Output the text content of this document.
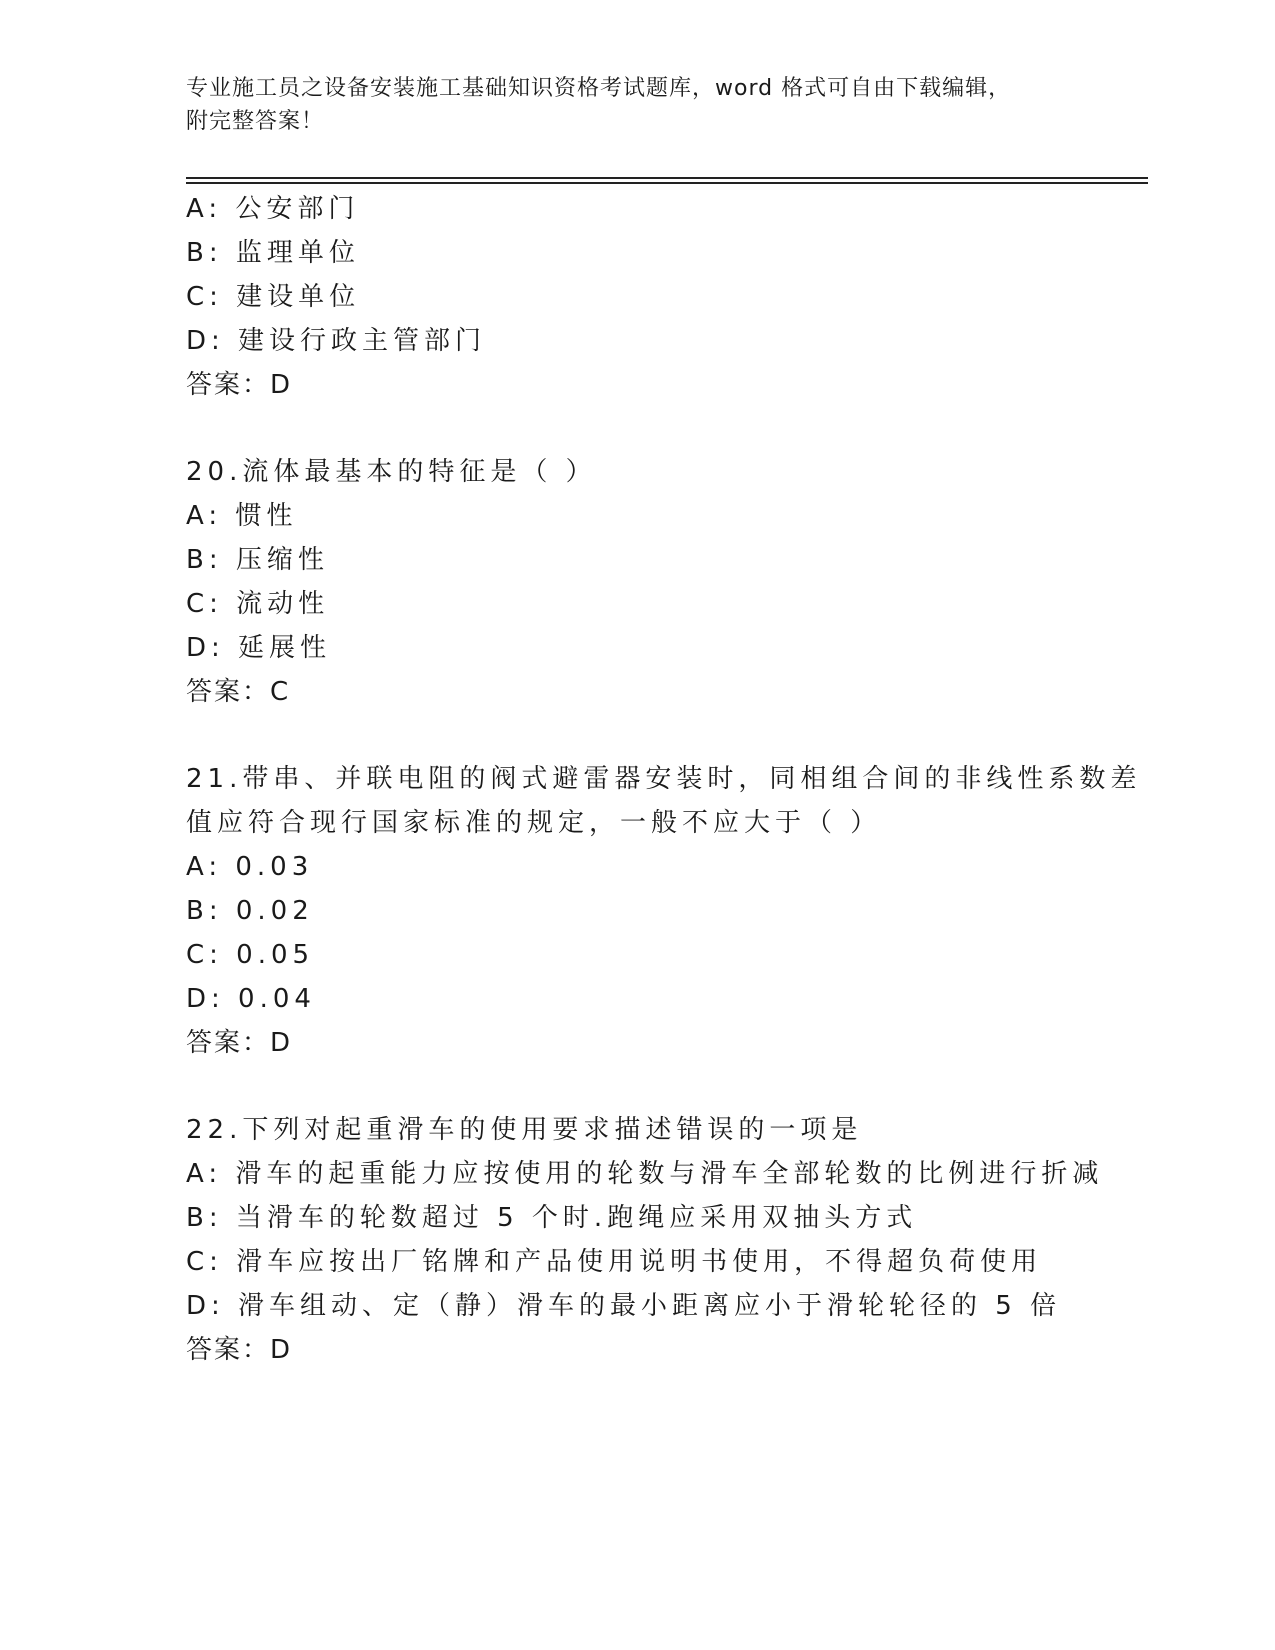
专业施工员之设备安装施工基础知识资格考试题库，word 格式可自由下载编辑，
附完整答案！
A: 公安部门
B: 监理单位
C: 建设单位
D: 建设行政主管部门
答案：D
20.流体最基本的特征是（ ）
A: 惯性
B: 压缩性
C: 流动性
D: 延展性
答案：C
21.带串、并联电阻的阀式避雷器安装时，同相组合间的非线性系数差
值应符合现行国家标准的规定，一般不应大于（ ）
A: 0.03
B: 0.02
C: 0.05
D: 0.04
答案：D
22.下列对起重滑车的使用要求描述错误的一项是
A: 滑车的起重能力应按使用的轮数与滑车全部轮数的比例进行折减
B: 当滑车的轮数超过 5 个时.跑绳应采用双抽头方式
C: 滑车应按出厂铭牌和产品使用说明书使用，不得超负荷使用
D: 滑车组动、定（静）滑车的最小距离应小于滑轮轮径的 5 倍
答案：D
